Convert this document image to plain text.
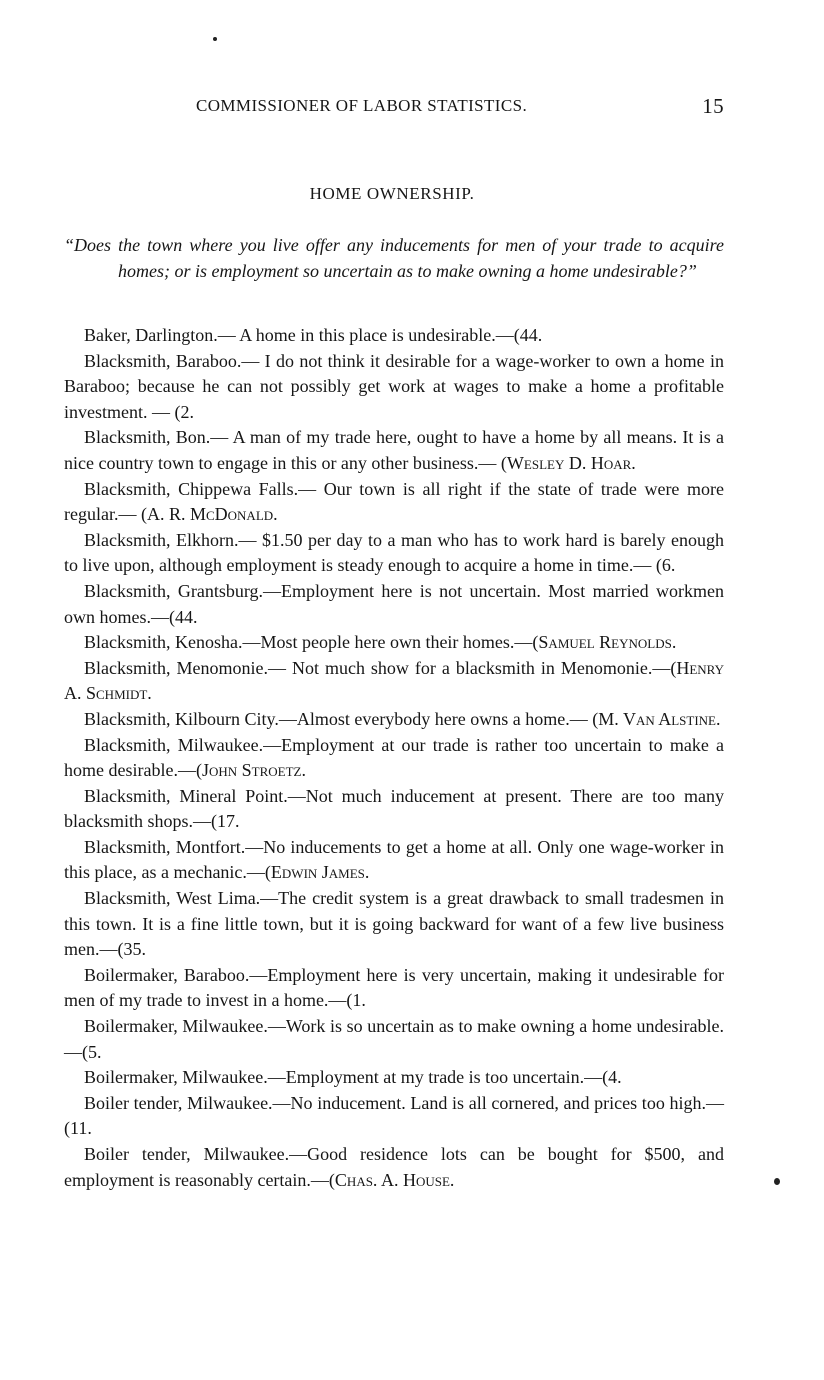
COMMISSIONER OF LABOR STATISTICS.	15
HOME OWNERSHIP.
“Does the town where you live offer any inducements for men of your trade to acquire homes; or is employment so uncertain as to make owning a home undesirable?”

Baker, Darlington.— A home in this place is undesirable.—(44.

Blacksmith, Baraboo.— I do not think it desirable for a wage-worker to own a home in Baraboo; because he can not possibly get work at wages to make a home a profitable investment. — (2.

Blacksmith, Bon.— A man of my trade here, ought to have a home by all means. It is a nice country town to engage in this or any other business.— (Wesley D. Hoar.

Blacksmith, Chippewa Falls.— Our town is all right if the state of trade were more regular.— (A. R. McDonald.

Blacksmith, Elkhorn.— $1.50 per day to a man who has to work hard is barely enough to live upon, although employment is steady enough to acquire a home in time.— (6.

Blacksmith, Grantsburg.—Employment here is not uncertain. Most married workmen own homes.—(44.

Blacksmith, Kenosha.—Most people here own their homes.—(Samuel Reynolds.

Blacksmith, Menomonie.— Not much show for a blacksmith in Menomonie.—(Henry A. Schmidt.

Blacksmith, Kilbourn City.—Almost everybody here owns a home.— (M. Van Alstine.

Blacksmith, Milwaukee.—Employment at our trade is rather too uncertain to make a home desirable.—(John Stroetz.

Blacksmith, Mineral Point.—Not much inducement at present. There are too many blacksmith shops.—(17.

Blacksmith, Montfort.—No inducements to get a home at all. Only one wage-worker in this place, as a mechanic.—(Edwin James.

Blacksmith, West Lima.—The credit system is a great drawback to small tradesmen in this town. It is a fine little town, but it is going backward for want of a few live business men.—(35.

Boilermaker, Baraboo.—Employment here is very uncertain, making it undesirable for men of my trade to invest in a home.—(1.

Boilermaker, Milwaukee.—Work is so uncertain as to make owning a home undesirable.—(5.

Boilermaker, Milwaukee.—Employment at my trade is too uncertain.—(4.

Boiler tender, Milwaukee.—No inducement. Land is all cornered, and prices too high.—(11.

Boiler tender, Milwaukee.—Good residence lots can be bought for $500, and employment is reasonably certain.—(Chas. A. House.
